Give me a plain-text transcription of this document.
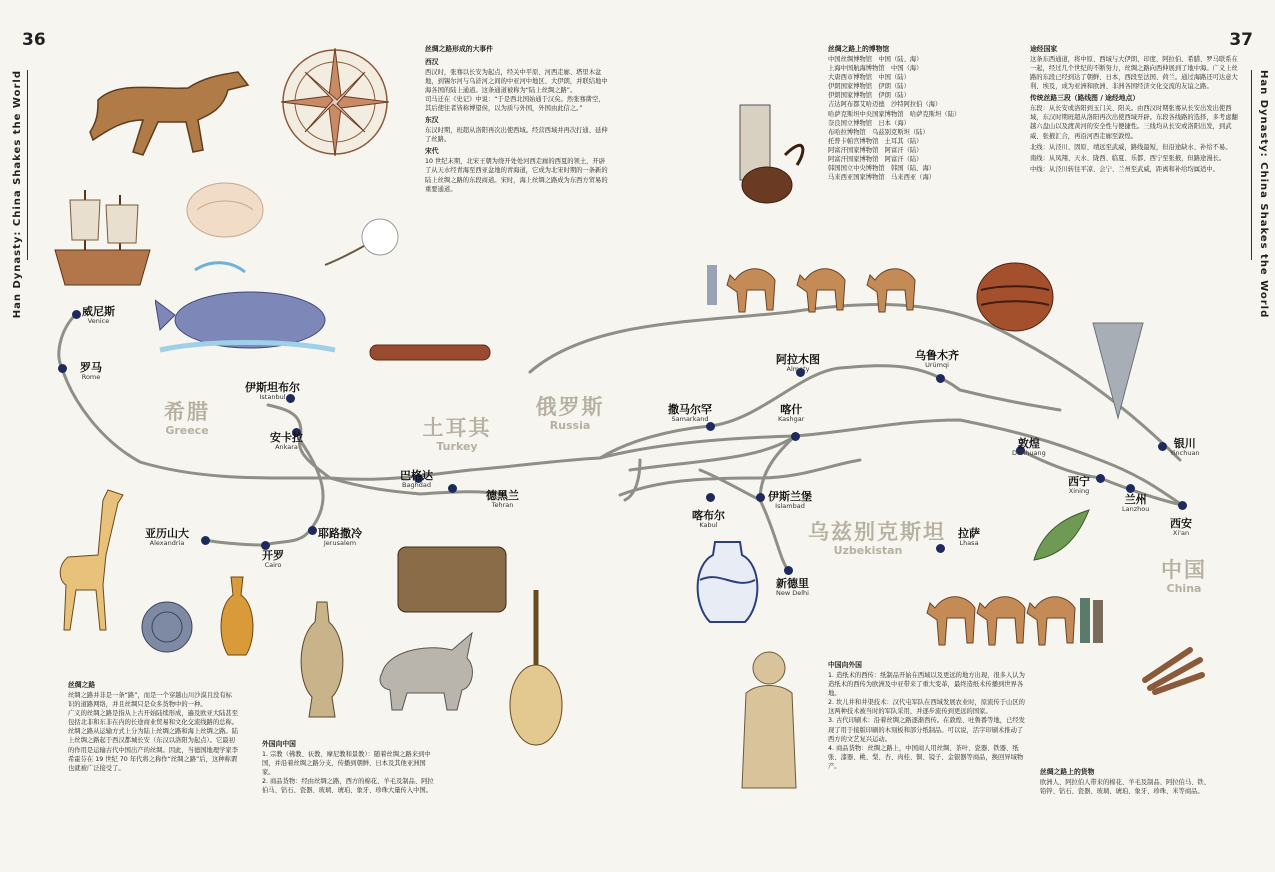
36	37
Han Dynasty: China Shakes the World	Han Dynasty: China Shakes the World
威尼斯
Venice
罗马
Rome
伊斯坦布尔
Istanbul
安卡拉
Ankara
巴格达
Baghdad
德黑兰
Tehran
亚历山大
Alexandria
开罗
Cairo
耶路撒冷
Jerusalem
撒马尔罕
Samarkand
喀什
Kashgar
阿拉木图
Almaty
乌鲁木齐
Urümqi
敦煌
Dunhuang
银川
Yinchuan
西宁
Xining
兰州
Lanzhou
西安
Xi'an
喀布尔
Kabul
伊斯兰堡
Islambad
拉萨
Lhasa
新德里
New Delhi
希腊
Greece	土耳其
Turkey
俄罗斯
Russia
乌兹别克斯坦
Uzbekistan
中国
China
丝绸之路形成的大事件
西汉

西汉时，张骞以长安为起点，经关中平原、河西走廊、塔里木盆地，到锡尔河与乌浒河之间的中亚河中地区、大伊朗，并联结地中海各国的陆上通道。这条通道被称为“陆上丝绸之路”。
司马迁在《史记》中说：“于是西北国始通于汉矣。然张骞凿空，其后使往者皆称博望侯，以为质与外国，外国由此信之。”

东汉

东汉时期，班超从洛阳再次出使西域。经营西域并再次打通、延伸了丝路。

宋代

10 世纪末期，北宋王朝为绕开处处河西走廊的西夏的领土，开辟了从天水经青海至西亚盆地的青海道，它成为北宋时期的一条新的陆上丝绸之路的东段商道。宋时，海上丝绸之路成为东西方贸易的重要通道。

丝绸之路上的博物馆
中国丝绸博物馆　中国（陆、海）
上海中国航海博物馆　中国（海）
大唐西市博物馆　中国（陆）
伊朗国家博物馆　伊朗（陆）
伊朗国家博物馆　伊朗（陆）
吉达阿布都艾哈迈德　沙特阿拉伯（海）
哈萨克斯坦中央国家博物馆　哈萨克斯坦（陆）
奈良国立博物馆　日本（海）
布哈拉博物馆　乌兹别克斯坦（陆）
托普卡帕宫博物馆　土耳其（陆）
阿富汗国家博物馆　阿富汗（陆）
阿富汗国家博物馆　阿富汗（陆）
韩国国立中央博物馆　韩国（陆、海）
马来西亚国家博物馆　马来西亚（海）
途经国家

这条东西通道，将中原、西域与大伊朗、印度、阿拉伯、希腊、罗马联系在一起，经过几个世纪的不断努力，丝绸之路向西伸展到了地中海。广义上丝路的东段已经到达了朝鲜、日本，西段至法国、荷兰。通过海路还可达意大利、埃及，成为亚洲和欧洲、非洲各国经济文化交流的友谊之路。

传统丝路三段（路线图 / 途经地点）

东段：从长安或洛阳到玉门关、阳关。由西汉时期张骞从长安出发出使西域，东汉时期班超从洛阳再次出使西域开辟。东段各线路的选择，多考虑翻越六盘山以及渡黄河的安全性与便捷性。三线均从长安或洛阳出发，到武威、张掖汇合，再沿河西走廊至敦煌。

北线：从泾川、固原、靖远至武威，路线最短，但沿途缺水、补给不易。

南线：从凤翔、天水、陇西、临夏、乐都、西宁至张掖，但路途漫长。

中线：从泾川转往平凉、会宁、兰州至武威，距离和补给均属适中。

丝绸之路

丝绸之路并非是一条“路”，而是一个穿越山川沙漠且没有标识的道路网络，并且丝绸只是众多货物中的一种。
广义的丝绸之路是指从上古开始陆续形成，遍及欧亚大陆甚至包括北非和东非在内的长途商业贸易和文化交流线路的总称。
丝绸之路从运输方式上分为陆上丝绸之路和海上丝绸之路。陆上丝绸之路起于西汉都城长安（东汉以洛阳为起点）。它最初的作用是运输古代中国出产的丝绸。因此，当德国地理学家李希霍芬在 19 世纪 70 年代将之称作“丝绸之路”后，这种称谓也就被广泛接受了。

外国向中国

1. 宗教（佛教、祆教、摩尼教和景教）：随着丝绸之路来到中国，并沿着丝绸之路分支，传播到朝鲜、日本及其他亚洲国家。
2. 商品货物：经由丝绸之路，西方的棉花、羊毛及制品、阿拉伯马、钻石、瓷器、玻璃、琥珀、象牙、珍珠大量传入中国。

中国向外国

1. 造纸术的西传：纸制品开始在西域以及更远的地方出现，很多人认为造纸术的西传为欧洲及中亚带来了重大变革，最终造纸术传播到世界各地。
2. 坎儿井和井渠技术：汉代屯军队在西域发展农业时，原流传于山区的这两种技术被当时的军队采用，并逐步流传到更远的国家。
3. 古代印刷术：沿着丝绸之路逐渐西传。在敦煌、吐鲁番等地，已经发现了用于接版印刷的木刻板和部分纸制品。可以说，活字印刷术推动了西方的文艺复兴运动。
4. 商品货物：丝绸之路上，中国商人用丝绸、茶叶、瓷器、铁器、纸张、漆器、桃、梨、杏、肉桂、铜、镜子、金银器等商品，换回异域物产。

丝绸之路上的货物

欧洲人、阿拉伯人带来的棉花、羊毛及制品、阿拉伯马、铁、铅锌、钻石、瓷器、玻璃、琥珀、象牙、珍珠、米等商品。
